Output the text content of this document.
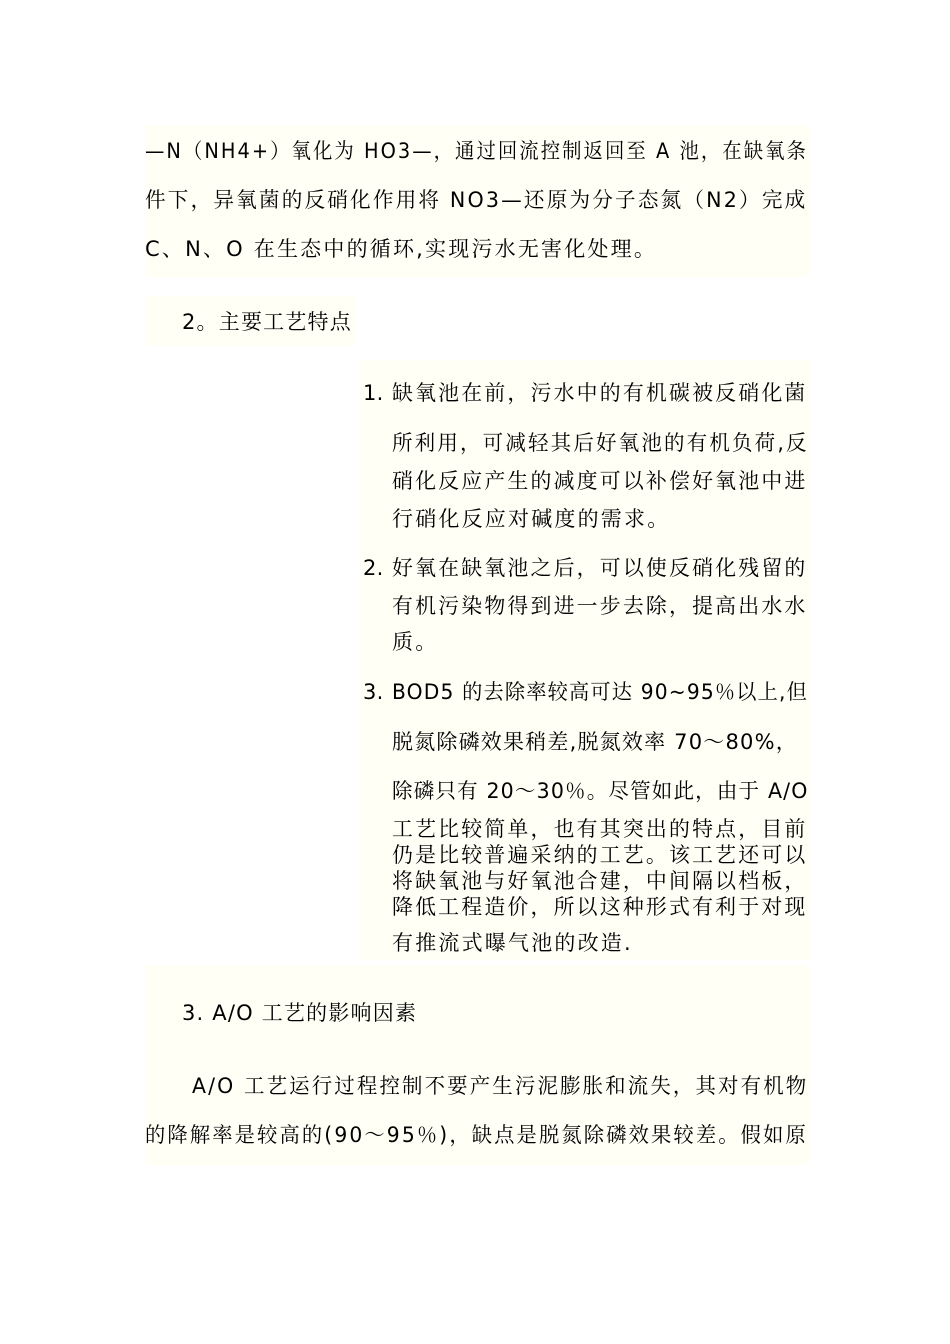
—N（NH4+）氧化为 HO3—，通过回流控制返回至 A 池，在缺氧条
件下，异氧菌的反硝化作用将 NO3—还原为分子态氮（N2）完成
C、N、O 在生态中的循环,实现污水无害化处理。
2。主要工艺特点
1. 缺氧池在前，污水中的有机碳被反硝化菌
所利用，可减轻其后好氧池的有机负荷,反
硝化反应产生的减度可以补偿好氧池中进
行硝化反应对碱度的需求。
2. 好氧在缺氧池之后，可以使反硝化残留的
有机污染物得到进一步去除，提高出水水
质。
3. BOD5 的去除率较高可达 90~95％以上,但
脱氮除磷效果稍差,脱氮效率 70～80%，
除磷只有 20～30％。尽管如此，由于 A/O
工艺比较简单，也有其突出的特点，目前
仍是比较普遍采纳的工艺。该工艺还可以
将缺氧池与好氧池合建，中间隔以档板，
降低工程造价，所以这种形式有利于对现
有推流式曝气池的改造.
3. A/O 工艺的影响因素
A/O 工艺运行过程控制不要产生污泥膨胀和流失，其对有机物
的降解率是较高的(90～95％)，缺点是脱氮除磷效果较差。假如原
